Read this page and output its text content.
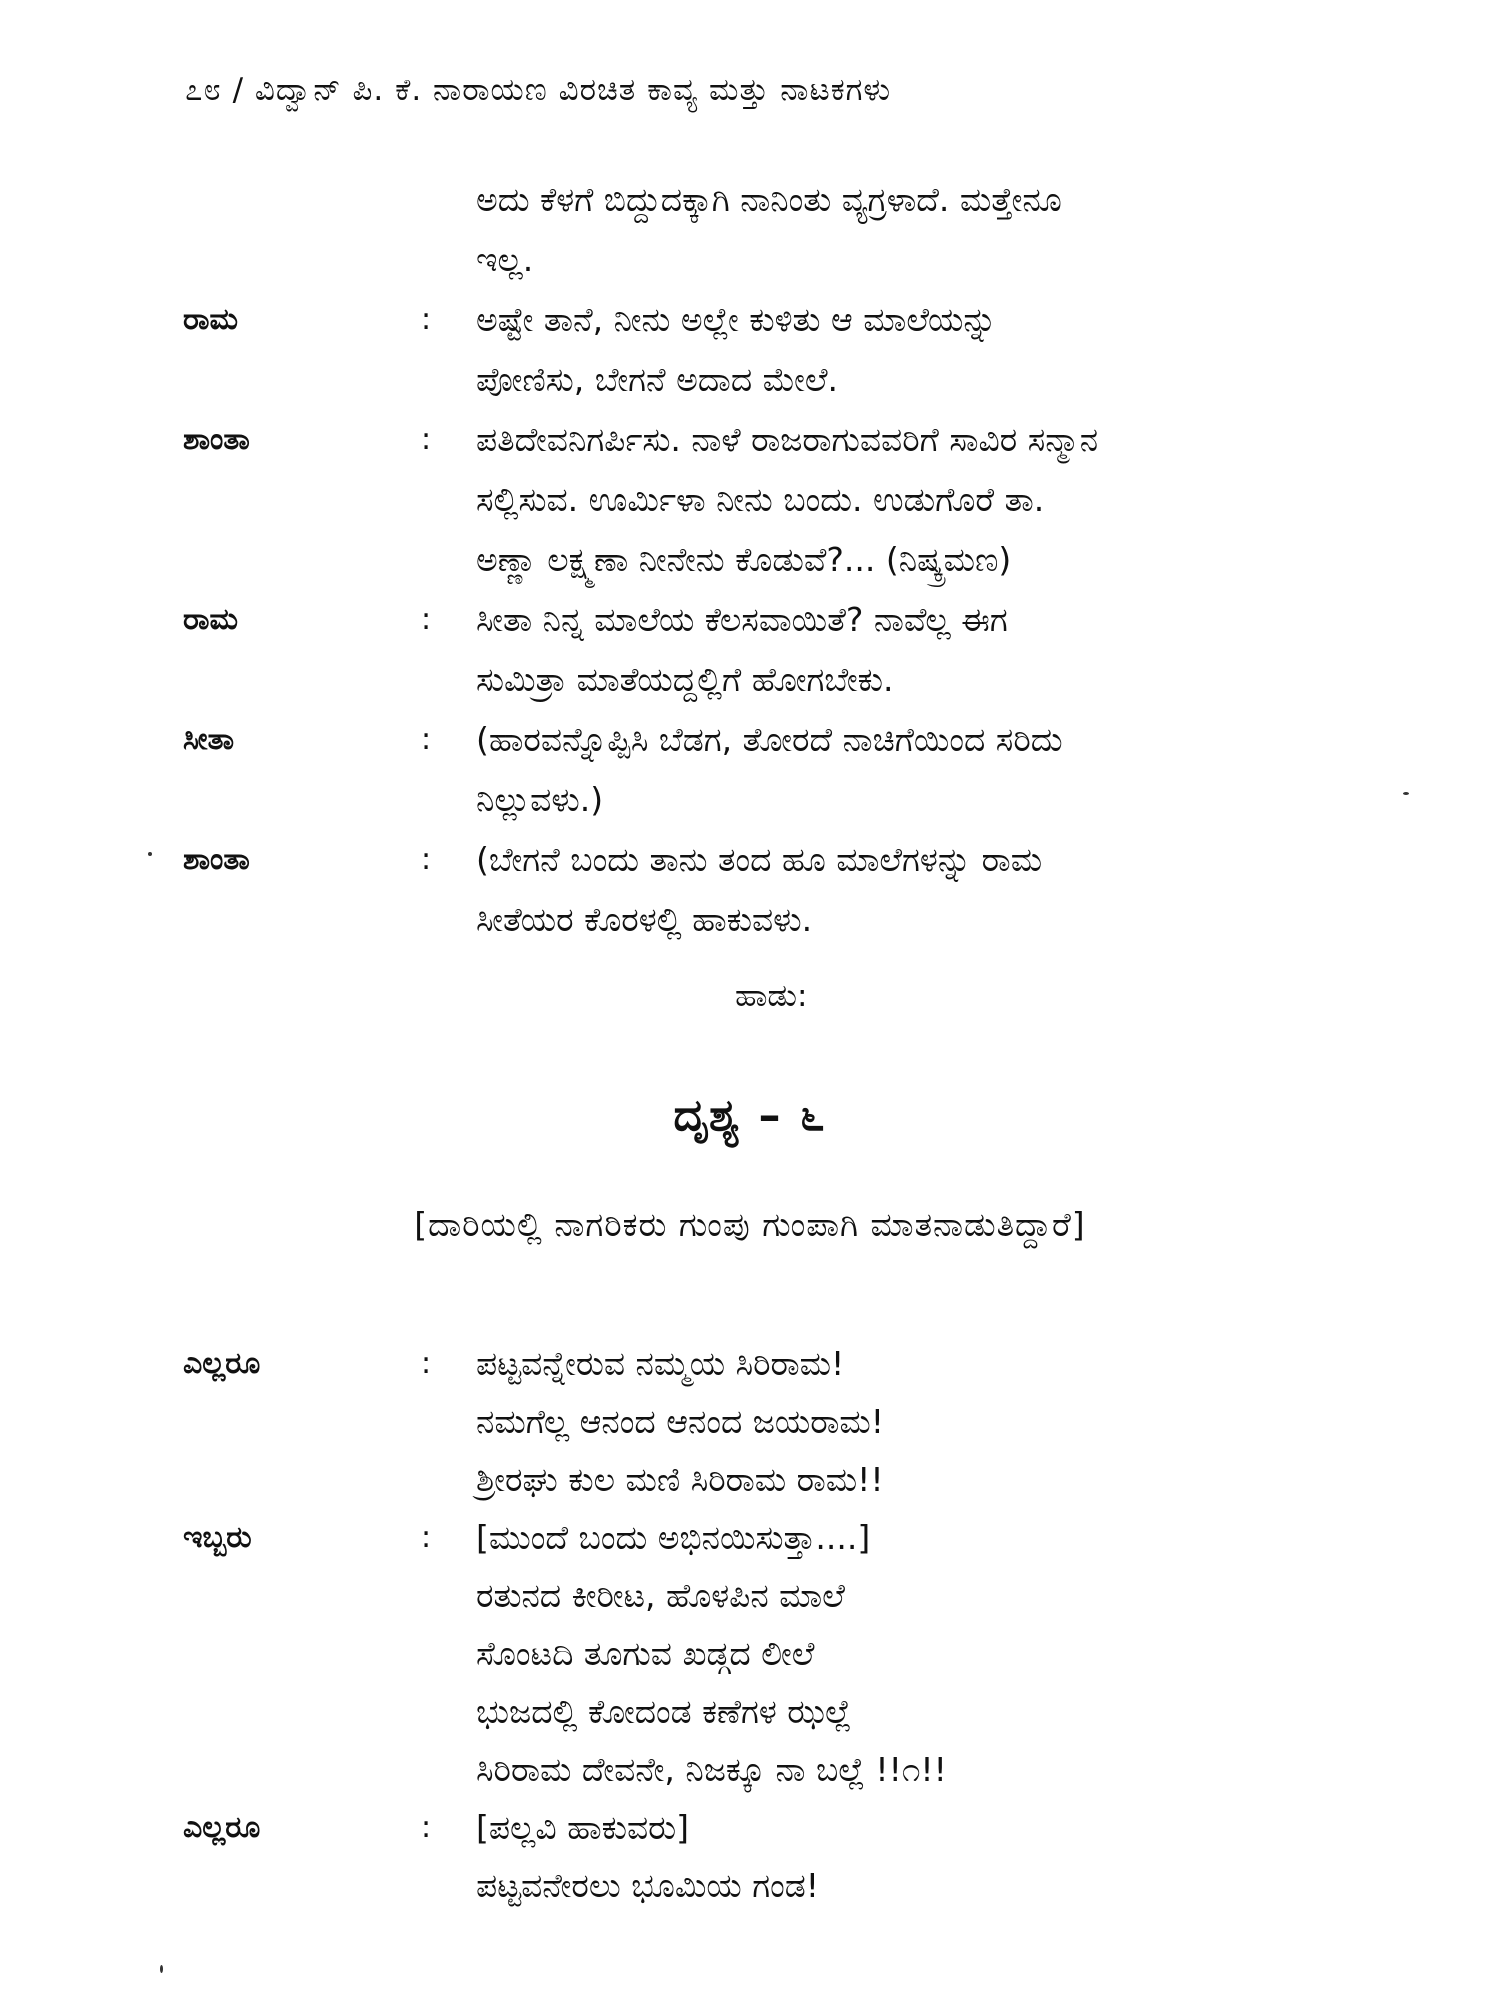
೭೮ / ವಿದ್ವಾನ್ ಪಿ. ಕೆ. ನಾರಾಯಣ ವಿರಚಿತ ಕಾವ್ಯ ಮತ್ತು ನಾಟಕಗಳು
ಅದು ಕೆಳಗೆ ಬಿದ್ದುದಕ್ಕಾಗಿ ನಾನಿಂತು ವ್ಯಗ್ರಳಾದೆ. ಮತ್ತೇನೂ
ಇಲ್ಲ.
ರಾಮ	:	ಅಷ್ಟೇ ತಾನೆ, ನೀನು ಅಲ್ಲೇ ಕುಳಿತು ಆ ಮಾಲೆಯನ್ನು
ಪೋಣಿಸು, ಬೇಗನೆ ಅದಾದ ಮೇಲೆ.
ಶಾಂತಾ	:	ಪತಿದೇವನಿಗರ್ಪಿಸು. ನಾಳೆ ರಾಜರಾಗುವವರಿಗೆ ಸಾವಿರ ಸನ್ಮಾನ
ಸಲ್ಲಿಸುವ. ಊರ್ಮಿಳಾ ನೀನು ಬಂದು. ಉಡುಗೊರೆ ತಾ.
ಅಣ್ಣಾ ಲಕ್ಷ್ಮಣಾ ನೀನೇನು ಕೊಡುವೆ?... (ನಿಷ್ಕ್ರಮಣ)
ರಾಮ	:	ಸೀತಾ ನಿನ್ನ ಮಾಲೆಯ ಕೆಲಸವಾಯಿತೆ? ನಾವೆಲ್ಲ ಈಗ
ಸುಮಿತ್ರಾ ಮಾತೆಯದ್ದಲ್ಲಿಗೆ ಹೋಗಬೇಕು.
ಸೀತಾ	:	(ಹಾರವನ್ನೊಪ್ಪಿಸಿ ಬೆಡಗ, ತೋರದೆ ನಾಚಿಗೆಯಿಂದ ಸರಿದು
ನಿಲ್ಲುವಳು.)
ಶಾಂತಾ	:	(ಬೇಗನೆ ಬಂದು ತಾನು ತಂದ ಹೂ ಮಾಲೆಗಳನ್ನು ರಾಮ
ಸೀತೆಯರ ಕೊರಳಲ್ಲಿ ಹಾಕುವಳು.
ಹಾಡು:
ದೃಶ್ಯ – ೬
[ದಾರಿಯಲ್ಲಿ ನಾಗರಿಕರು ಗುಂಪು ಗುಂಪಾಗಿ ಮಾತನಾಡುತಿದ್ದಾರೆ]
ಎಲ್ಲರೂ	:	ಪಟ್ಟವನ್ನೇರುವ ನಮ್ಮಯ ಸಿರಿರಾಮ!
ನಮಗೆಲ್ಲ ಆನಂದ ಆನಂದ ಜಯರಾಮ!
ಶ್ರೀರಘು ಕುಲ ಮಣಿ ಸಿರಿರಾಮ ರಾಮ!!
ಇಬ್ಬರು	:	[ಮುಂದೆ ಬಂದು ಅಭಿನಯಿಸುತ್ತಾ....]
ರತುನದ ಕೀರೀಟ, ಹೊಳಪಿನ ಮಾಲೆ
ಸೊಂಟದಿ ತೂಗುವ ಖಡ್ಗದ ಲೀಲೆ
ಭುಜದಲ್ಲಿ ಕೋದಂಡ ಕಣೆಗಳ ಝಲ್ಲೆ
ಸಿರಿರಾಮ ದೇವನೇ, ನಿಜಕ್ಕೂ ನಾ ಬಲ್ಲೆ !!೧!!
ಎಲ್ಲರೂ	:	[ಪಲ್ಲವಿ ಹಾಕುವರು]
ಪಟ್ಟವನೇರಲು ಭೂಮಿಯ ಗಂಡ!
